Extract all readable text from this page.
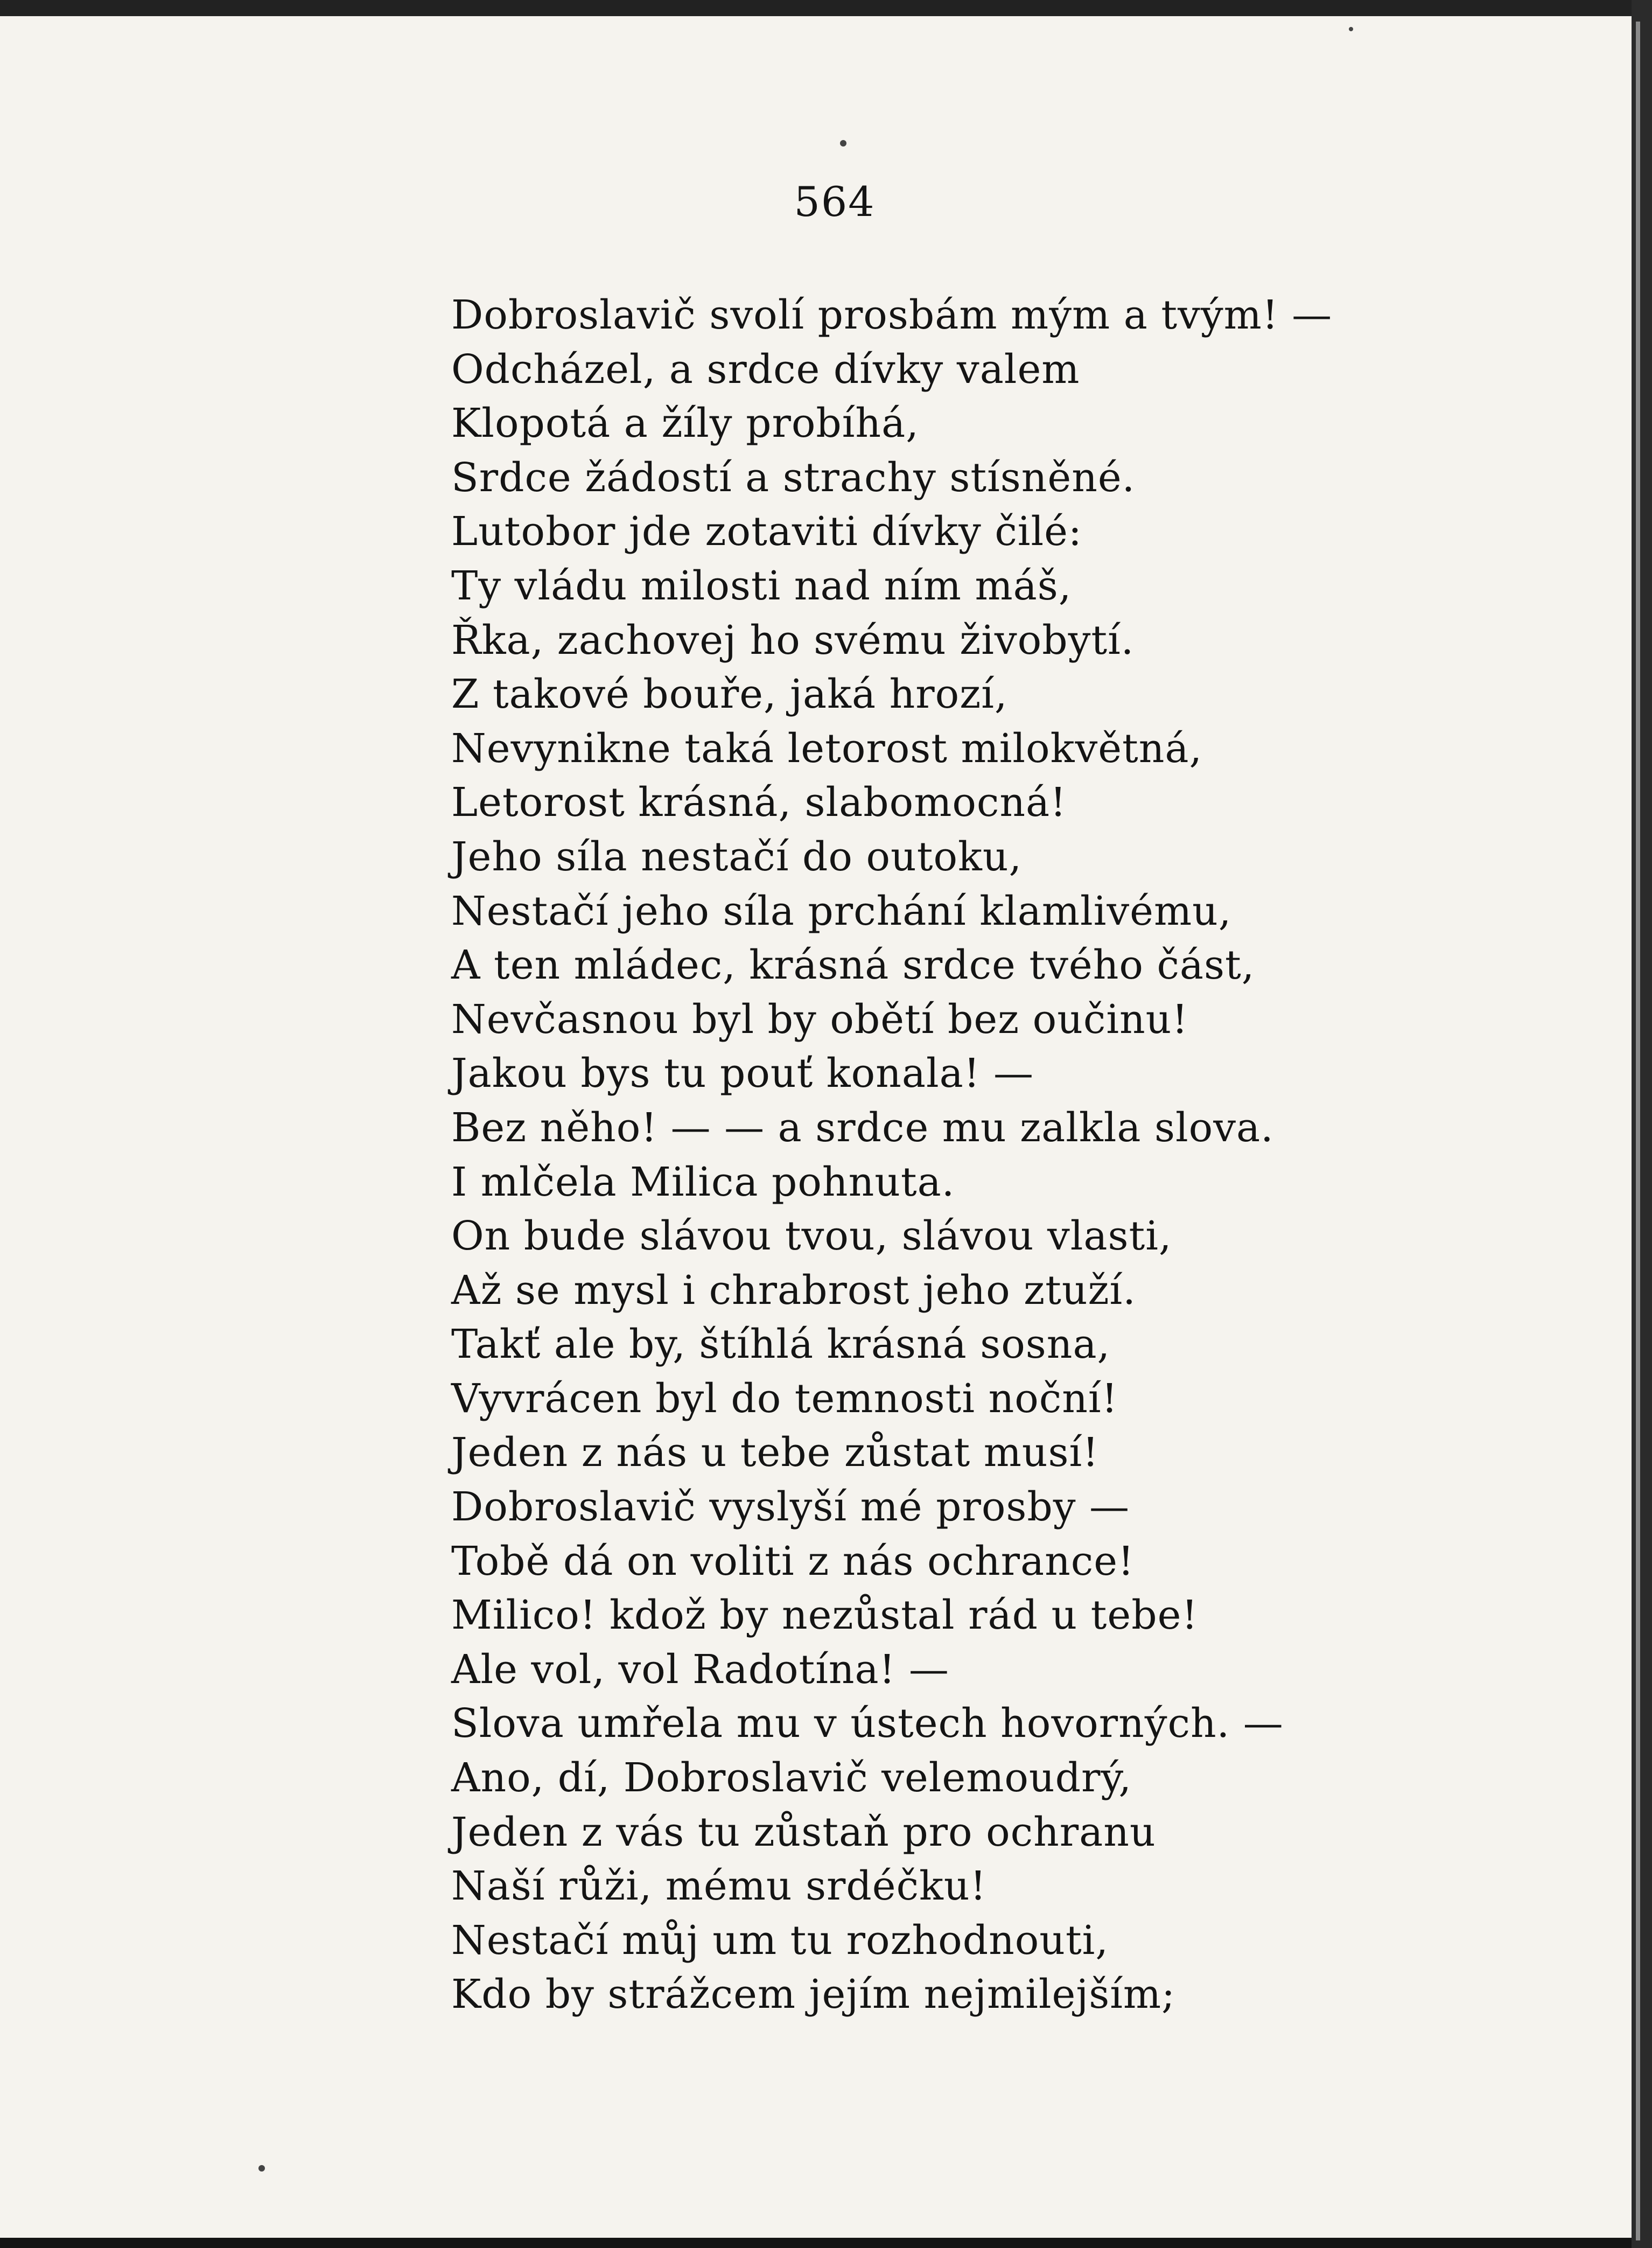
564
Dobroslavič svolí prosbám mým a tvým! —
Odcházel, a srdce dívky valem
Klopotá a žíly probíhá,
Srdce žádostí a strachy stísněné.
Lutobor jde zotaviti dívky čilé:
Ty vládu milosti nad ním máš,
Řka, zachovej ho svému živobytí.
Z takové bouře, jaká hrozí,
Nevynikne taká letorost milokvětná,
Letorost krásná, slabomocná!
Jeho síla nestačí do outoku,
Nestačí jeho síla prchání klamlivému,
A ten mládec, krásná srdce tvého část,
Nevčasnou byl by obětí bez oučinu!
Jakou bys tu pouť konala! —
Bez něho! — — a srdce mu zalkla slova.
I mlčela Milica pohnuta.
On bude slávou tvou, slávou vlasti,
Až se mysl i chrabrost jeho ztuží.
Takť ale by, štíhlá krásná sosna,
Vyvrácen byl do temnosti noční!
Jeden z nás u tebe zůstat musí!
Dobroslavič vyslyší mé prosby —
Tobě dá on voliti z nás ochrance!
Milico! kdož by nezůstal rád u tebe!
Ale vol, vol Radotína! —
Slova umřela mu v ústech hovorných. —
Ano, dí, Dobroslavič velemoudrý,
Jeden z vás tu zůstaň pro ochranu
Naší růži, mému srdéčku!
Nestačí můj um tu rozhodnouti,
Kdo by strážcem jejím nejmilejším;
